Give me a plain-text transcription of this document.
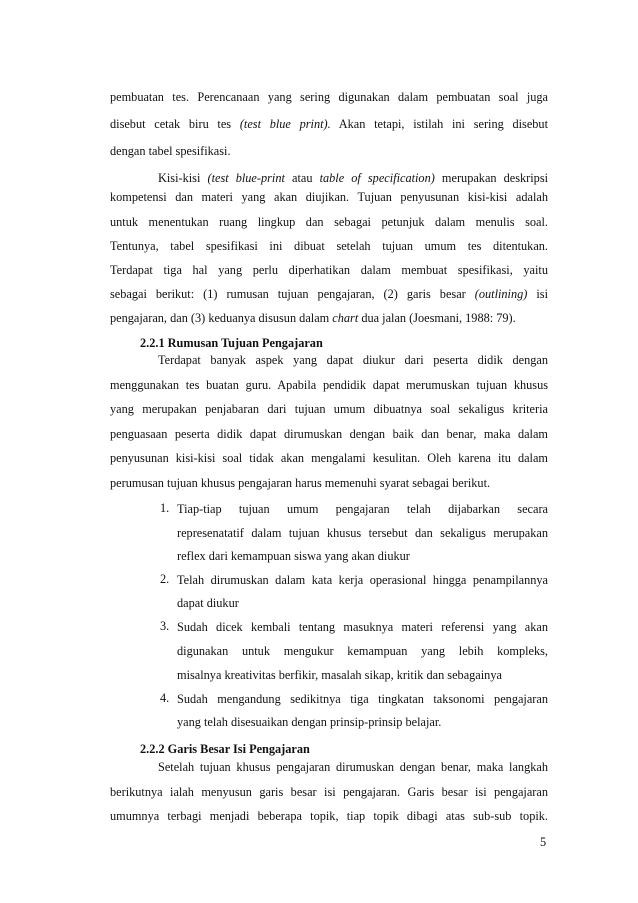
pembuatan tes. Perencanaan yang sering digunakan dalam pembuatan soal juga
disebut cetak biru tes (test blue print). Akan tetapi, istilah ini sering disebut
dengan tabel spesifikasi.
Kisi-kisi (test blue-print atau table of specification) merupakan deskripsi
kompetensi dan materi yang akan diujikan. Tujuan penyusunan kisi-kisi adalah
untuk menentukan ruang lingkup dan sebagai petunjuk dalam menulis soal.
Tentunya, tabel spesifikasi ini dibuat setelah tujuan umum tes ditentukan.
Terdapat tiga hal yang perlu diperhatikan dalam membuat spesifikasi, yaitu
sebagai berikut: (1) rumusan tujuan pengajaran, (2) garis besar (outlining) isi
pengajaran, dan (3) keduanya disusun dalam chart dua jalan (Joesmani, 1988: 79).
2.2.1 Rumusan Tujuan Pengajaran
Terdapat banyak aspek yang dapat diukur dari peserta didik dengan
menggunakan tes buatan guru. Apabila pendidik dapat merumuskan tujuan khusus
yang merupakan penjabaran dari tujuan umum dibuatnya soal sekaligus kriteria
penguasaan peserta didik dapat dirumuskan dengan baik dan benar, maka dalam
penyusunan kisi-kisi soal tidak akan mengalami kesulitan. Oleh karena itu dalam
perumusan tujuan khusus pengajaran harus memenuhi syarat sebagai berikut.
1. Tiap-tiap tujuan umum pengajaran telah dijabarkan secara
represenatatif dalam tujuan khusus tersebut dan sekaligus merupakan
reflex dari kemampuan siswa yang akan diukur
2. Telah dirumuskan dalam kata kerja operasional hingga penampilannya
dapat diukur
3. Sudah dicek kembali tentang masuknya materi referensi yang akan
digunakan untuk mengukur kemampuan yang lebih kompleks,
misalnya kreativitas berfikir, masalah sikap, kritik dan sebagainya
4. Sudah mengandung sedikitnya tiga tingkatan taksonomi pengajaran
yang telah disesuaikan dengan prinsip-prinsip belajar.
2.2.2 Garis Besar Isi Pengajaran
Setelah tujuan khusus pengajaran dirumuskan dengan benar, maka langkah
berikutnya ialah menyusun garis besar isi pengajaran. Garis besar isi pengajaran
umumnya terbagi menjadi beberapa topik, tiap topik dibagi atas sub-sub topik.
5
